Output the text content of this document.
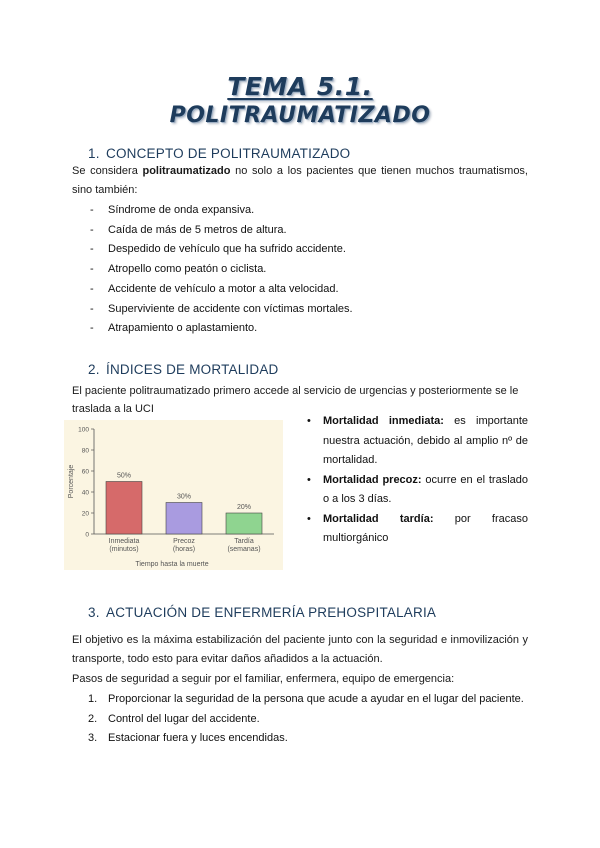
TEMA 5.1.
POLITRAUMATIZADO
1. CONCEPTO DE POLITRAUMATIZADO
Se considera politraumatizado no solo a los pacientes que tienen muchos traumatismos,
sino también:
-	Síndrome de onda expansiva.
-	Caída de más de 5 metros de altura.
-	Despedido de vehículo que ha sufrido accidente.
-	Atropello como peatón o ciclista.
-	Accidente de vehículo a motor a alta velocidad.
-	Superviviente de accidente con víctimas mortales.
-	Atrapamiento o aplastamiento.
2. ÍNDICES DE MORTALIDAD
El paciente politraumatizado primero accede al servicio de urgencias y posteriormente se le
traslada a la UCI
0
20
40
60
80
100
Porcentaje	50%
Inmediata
(minutos)
30%
Precoz
(horas)
20%
Tardía
(semanas)
Tiempo hasta la muerte
• Mortalidad inmediata: es importante nuestra actuación, debido al amplio nº de mortalidad.
• Mortalidad precoz: ocurre en el traslado o a los 3 días.
• Mortalidad tardía: por fracaso multiorgánico
3. ACTUACIÓN DE ENFERMERÍA PREHOSPITALARIA
El objetivo es la máxima estabilización del paciente junto con la seguridad e inmovilización y
transporte, todo esto para evitar daños añadidos a la actuación.
Pasos de seguridad a seguir por el familiar, enfermera, equipo de emergencia:
1. Proporcionar la seguridad de la persona que acude a ayudar en el lugar del paciente.
2. Control del lugar del accidente.
3. Estacionar fuera y luces encendidas.
